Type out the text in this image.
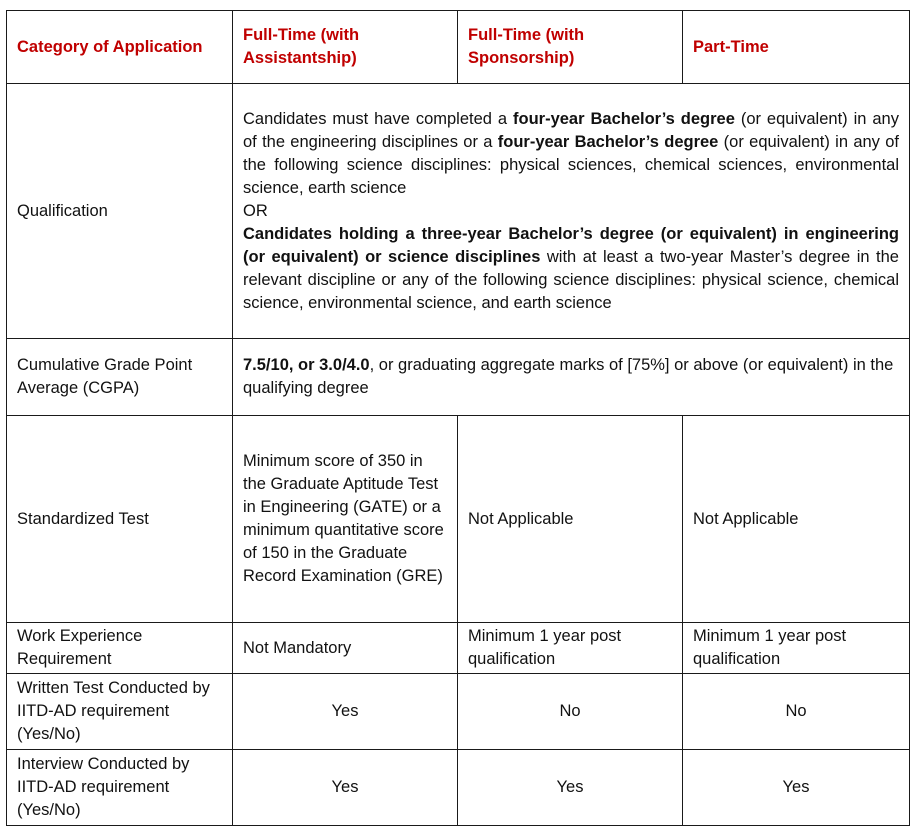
Category of Application	Full-Time (with Assistantship)	Full-Time (with Sponsorship)	Part-Time
Qualification	Candidates must have completed a four-year Bachelor’s degree (or equivalent) in any of the engineering disciplines or a four-year Bachelor’s degree (or equivalent) in any of the following science disciplines: physical sciences, chemical sciences, environmental science, earth science
OR
Candidates holding a three-year Bachelor’s degree (or equivalent) in engineering (or equivalent) or science disciplines with at least a two-year Master’s degree in the relevant discipline or any of the following science disciplines: physical science, chemical science, environmental science, and earth science		
Cumulative Grade Point Average (CGPA)	7.5/10, or 3.0/4.0, or graduating aggregate marks of [75%] or above (or equivalent) in the qualifying degree		
Standardized Test	Minimum score of 350 in the Graduate Aptitude Test in Engineering (GATE) or a minimum quantitative score of 150 in the Graduate Record Examination (GRE)	Not Applicable	Not Applicable
Work Experience Requirement	Not Mandatory	Minimum 1 year post qualification	Minimum 1 year post qualification
Written Test Conducted by IITD-AD requirement (Yes/No)	Yes	No	No
Interview Conducted by IITD-AD requirement (Yes/No)	Yes	Yes	Yes
